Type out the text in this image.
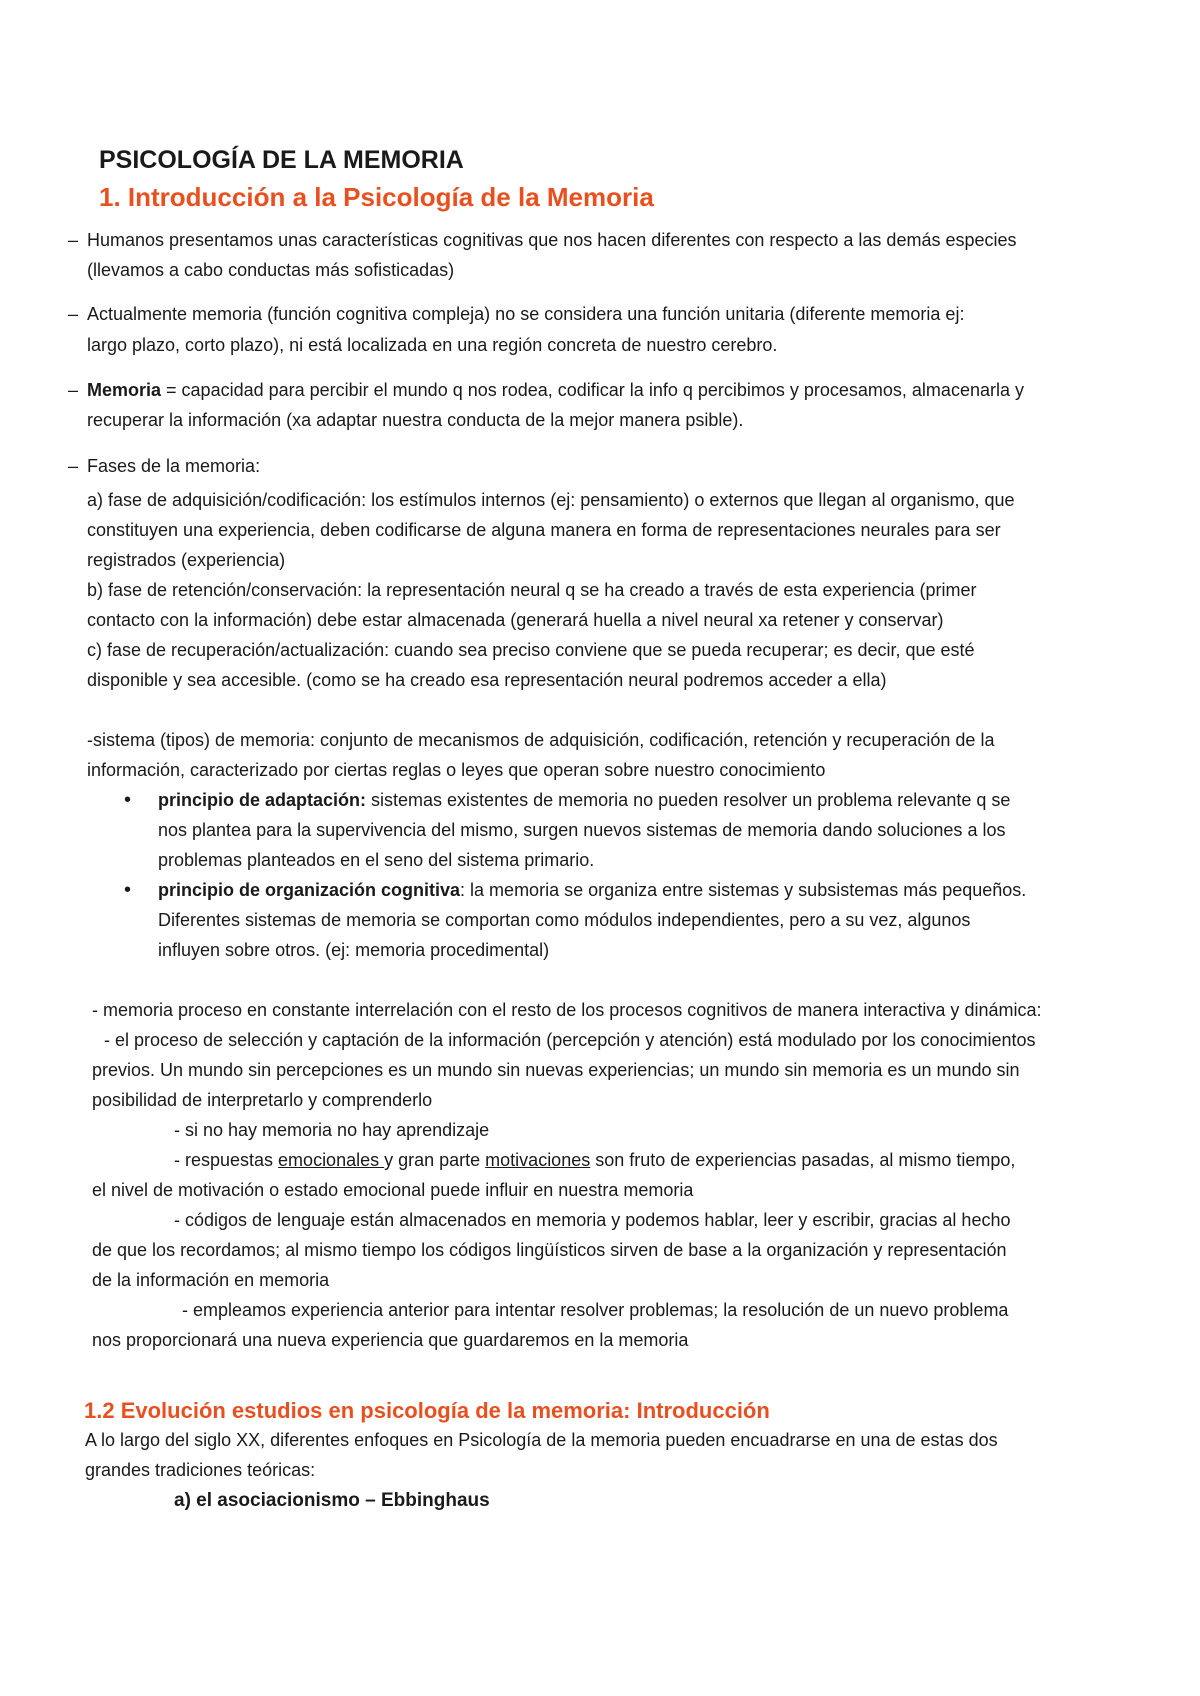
PSICOLOGÍA DE LA MEMORIA
1. Introducción a la Psicología de la Memoria
– Humanos presentamos unas características cognitivas que nos hacen diferentes con respecto a las demás especies
(llevamos a cabo conductas más sofisticadas)
– Actualmente memoria (función cognitiva compleja) no se considera una función unitaria (diferente memoria ej:
largo plazo, corto plazo), ni está localizada en una región concreta de nuestro cerebro.
– Memoria = capacidad para percibir el mundo q nos rodea, codificar la info q percibimos y procesamos, almacenarla y
recuperar la información (xa adaptar nuestra conducta de la mejor manera psible).
– Fases de la memoria:
a) fase de adquisición/codificación: los estímulos internos (ej: pensamiento) o externos que llegan al organismo, que
constituyen una experiencia, deben codificarse de alguna manera en forma de representaciones neurales para ser
registrados (experiencia)
b) fase de retención/conservación: la representación neural q se ha creado a través de esta experiencia (primer
contacto con la información) debe estar almacenada (generará huella a nivel neural xa retener y conservar)
c) fase de recuperación/actualización: cuando sea preciso conviene que se pueda recuperar; es decir, que esté
disponible y sea accesible. (como se ha creado esa representación neural podremos acceder a ella)
-sistema (tipos) de memoria: conjunto de mecanismos de adquisición, codificación, retención y recuperación de la
información, caracterizado por ciertas reglas o leyes que operan sobre nuestro conocimiento
• principio de adaptación: sistemas existentes de memoria no pueden resolver un problema relevante q se
nos plantea para la supervivencia del mismo, surgen nuevos sistemas de memoria dando soluciones a los
problemas planteados en el seno del sistema primario.
• principio de organización cognitiva: la memoria se organiza entre sistemas y subsistemas más pequeños.
Diferentes sistemas de memoria se comportan como módulos independientes, pero a su vez, algunos
influyen sobre otros. (ej: memoria procedimental)
- memoria proceso en constante interrelación con el resto de los procesos cognitivos de manera interactiva y dinámica:
- el proceso de selección y captación de la información (percepción y atención) está modulado por los conocimientos
previos. Un mundo sin percepciones es un mundo sin nuevas experiencias; un mundo sin memoria es un mundo sin
posibilidad de interpretarlo y comprenderlo
- si no hay memoria no hay aprendizaje
- respuestas emocionales y gran parte motivaciones son fruto de experiencias pasadas, al mismo tiempo,
el nivel de motivación o estado emocional puede influir en nuestra memoria
- códigos de lenguaje están almacenados en memoria y podemos hablar, leer y escribir, gracias al hecho
de que los recordamos; al mismo tiempo los códigos lingüísticos sirven de base a la organización y representación
de la información en memoria
- empleamos experiencia anterior para intentar resolver problemas; la resolución de un nuevo problema
nos proporcionará una nueva experiencia que guardaremos en la memoria
1.2 Evolución estudios en psicología de la memoria: Introducción
A lo largo del siglo XX, diferentes enfoques en Psicología de la memoria pueden encuadrarse en una de estas dos
grandes tradiciones teóricas:
a) el asociacionismo – Ebbinghaus
